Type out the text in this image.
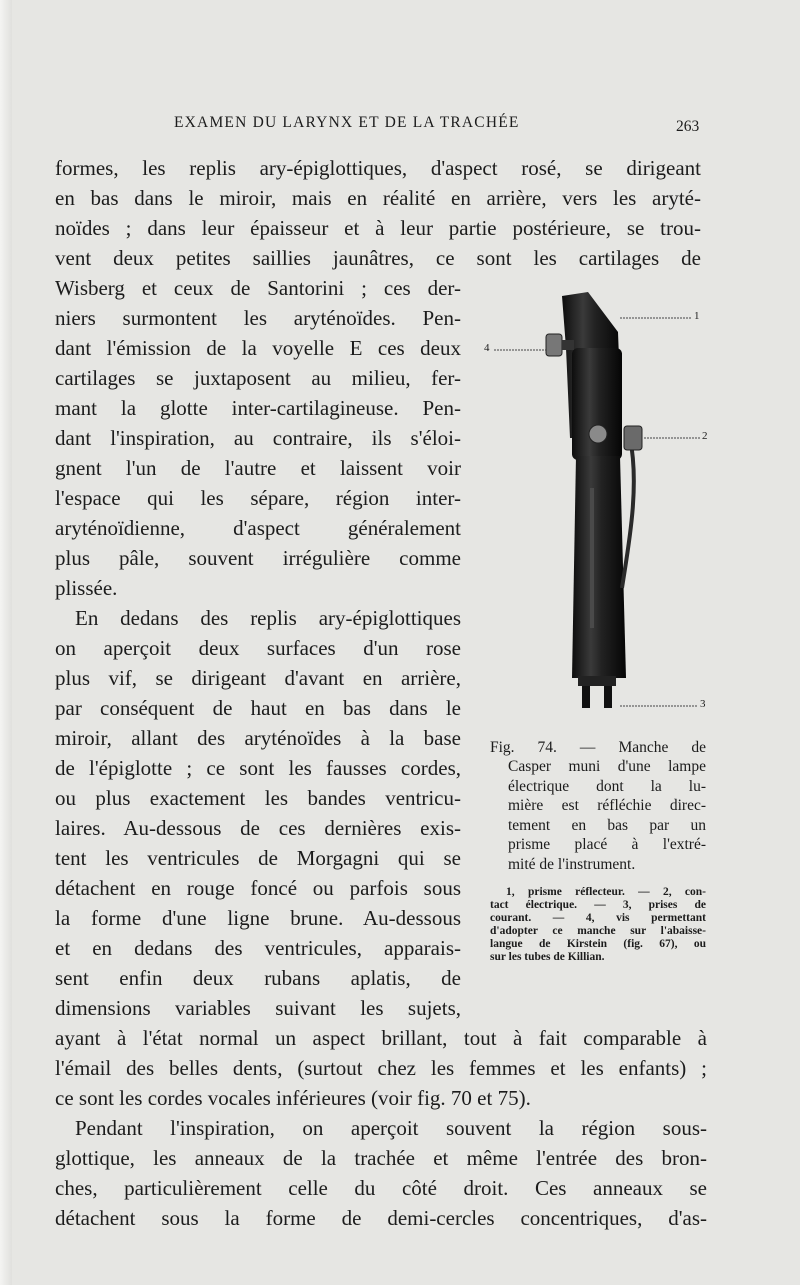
EXAMEN DU LARYNX ET DE LA TRACHÉE	263
formes, les replis ary-épiglottiques, d'aspect rosé, se dirigeant
en bas dans le miroir, mais en réalité en arrière, vers les aryté-
noïdes ; dans leur épaisseur et à leur partie postérieure, se trou-
vent deux petites saillies jaunâtres, ce sont les cartilages de
Wisberg et ceux de Santorini ; ces der-
niers surmontent les aryténoïdes. Pen-
dant l'émission de la voyelle E ces deux
cartilages se juxtaposent au milieu, fer-
mant la glotte inter-cartilagineuse. Pen-
dant l'inspiration, au contraire, ils s'éloi-
gnent l'un de l'autre et laissent voir
l'espace qui les sépare, région inter-
aryténoïdienne, d'aspect généralement
plus pâle, souvent irrégulière comme
plissée.
En dedans des replis ary-épiglottiques
on aperçoit deux surfaces d'un rose
plus vif, se dirigeant d'avant en arrière,
par conséquent de haut en bas dans le
miroir, allant des aryténoïdes à la base
de l'épiglotte ; ce sont les fausses cordes,
ou plus exactement les bandes ventricu-
laires. Au-dessous de ces dernières exis-
tent les ventricules de Morgagni qui se
détachent en rouge foncé ou parfois sous
la forme d'une ligne brune. Au-dessous
et en dedans des ventricules, apparais-
sent enfin deux rubans aplatis, de
dimensions variables suivant les sujets,
ayant à l'état normal un aspect brillant, tout à fait comparable à
l'émail des belles dents, (surtout chez les femmes et les enfants) ;
ce sont les cordes vocales inférieures (voir fig. 70 et 75).
Pendant l'inspiration, on aperçoit souvent la région sous-
glottique, les anneaux de la trachée et même l'entrée des bron-
ches, particulièrement celle du côté droit. Ces anneaux se
détachent sous la forme de demi-cercles concentriques, d'as-
1
2
3
4
Fig. 74. — Manche de
Casper muni d'une lampe
électrique dont la lu-
mière est réfléchie direc-
tement en bas par un
prisme placé à l'extré-
mité de l'instrument.
1, prisme réflecteur. — 2, con-
tact électrique. — 3, prises de
courant. — 4, vis permettant
d'adopter ce manche sur l'abaisse-
langue de Kirstein (fig. 67), ou
sur les tubes de Killian.
